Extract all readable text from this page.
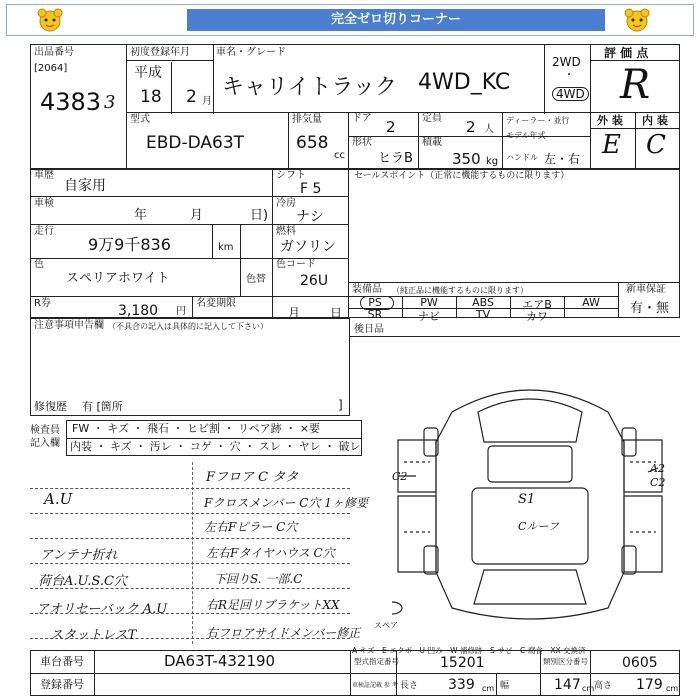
完全ゼロ切りコーナー
出品番号
[2064]
4383 3
初度登録年月
平成
18 2 月
車名・グレード
キャリイトラック 4WD_KC
2WD
・
4WD
評 価 点
R
外 装 内 装
E C
型式
EBD-DA63T
排気量
658
cc
ドア 2	定員 2 人
ディーラー・並行
モデル年式
形状
ヒラB
積載
350 kg ハンドル 左・右
車歴
自家用
シフト
F 5
セールスポイント（正常に機能するものに限ります）
車検
年	月	日)
冷房
ナシ
走行
9万9千836	km
燃料
ガソリン
色
スペリアホワイト	色替
色コード
26U
R券	3,180 円
名変期限
月 日
装備品 （純正品に機能するものに限ります）	新車保証
有・無
PS	PW	ABS	エアB	AW
SR	ナビ	TV	カワ
注意事項申告欄 （不具合の記入は具体的に記入して下さい）
修復歴 有 [箇所	]
後日品
検査員
記入欄
FW ・ キズ ・ 飛石 ・ ヒビ割 ・ リペア跡 ・ ×要
内装 ・ キズ ・ 汚レ ・ コゲ ・ 穴 ・ スレ ・ ヤレ ・ 破レ
A.U
アンテナ折れ
荷台A.U.S.C穴
アオリセーバック A.U
スタットレスT
Fフロア C タタ
Fクロスメンバー C穴 1ヶ修要
左右Fピラー C穴
左右Fタイヤハウス C穴
下回りS. 一部.C
右R足回リブラケットXX
右フロアサイドメンバー修正
C2
A2
C2
S1
Cルーフ
スペア
A-キズ　E-エクボ　U-凹み　W-補修跡　S-サビ　C-腐食　XX-交換済
車台番号	DA63T-432190
登録番号
型式指定番号	15201	類別区分番号 0605
車検証記載 参 考 長さ 339 cm 幅	147 cm 高さ 179 cm
